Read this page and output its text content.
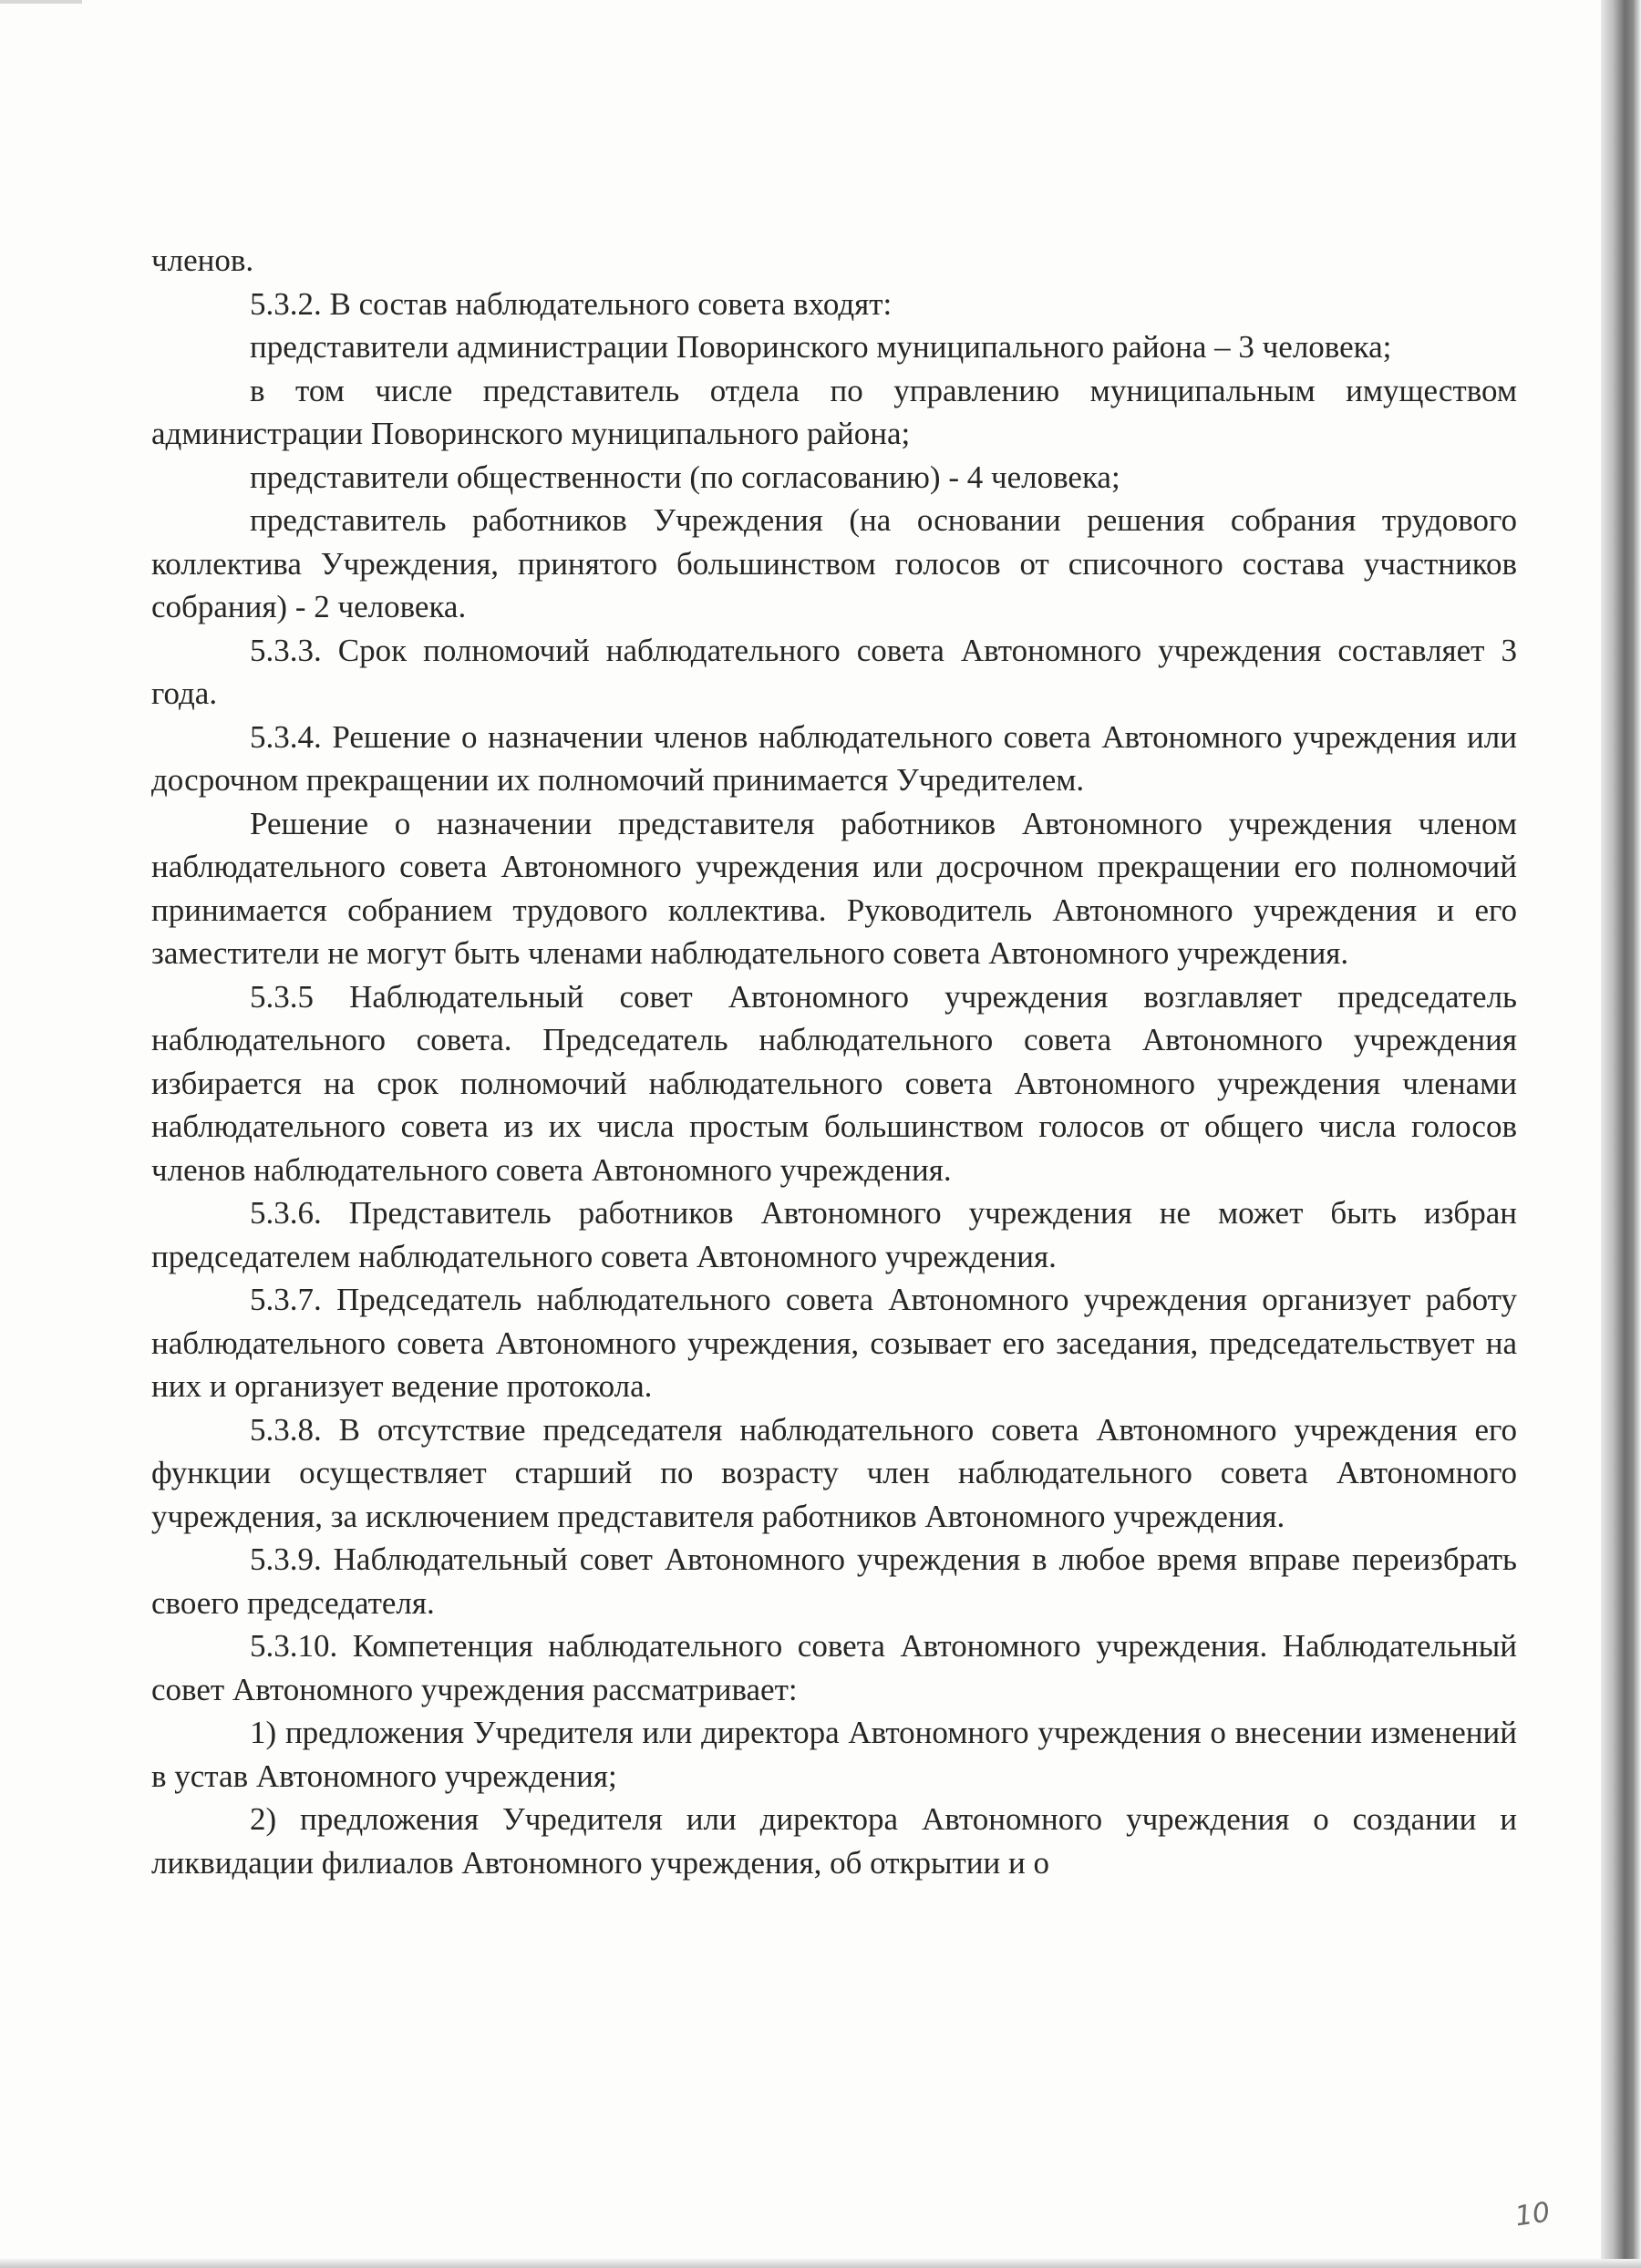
членов.

5.3.2. В состав наблюдательного совета входят:

представители администрации Поворинского муниципального района – 3 человека;

в том числе представитель отдела по управлению муниципальным имуществом администрации Поворинского муниципального района;

представители общественности (по согласованию) - 4 человека;

представитель работников Учреждения (на основании решения собрания трудового коллектива Учреждения, принятого большинством голосов от списочного состава участников собрания) - 2 человека.

5.3.3. Срок полномочий наблюдательного совета Автономного учреждения составляет 3 года.

5.3.4. Решение о назначении членов наблюдательного совета Автономного учреждения или досрочном прекращении их полномочий принимается Учредителем.

Решение о назначении представителя работников Автономного учреждения членом наблюдательного совета Автономного учреждения или досрочном прекращении его полномочий принимается собранием трудового коллектива. Руководитель Автономного учреждения и его заместители не могут быть членами наблюдательного совета Автономного учреждения.

5.3.5 Наблюдательный совет Автономного учреждения возглавляет председатель наблюдательного совета. Председатель наблюдательного совета Автономного учреждения избирается на срок полномочий наблюдательного совета Автономного учреждения членами наблюдательного совета из их числа простым большинством голосов от общего числа голосов членов наблюдательного совета Автономного учреждения.

5.3.6. Представитель работников Автономного учреждения не может быть избран председателем наблюдательного совета Автономного учреждения.

5.3.7. Председатель наблюдательного совета Автономного учреждения организует работу наблюдательного совета Автономного учреждения, созывает его заседания, председательствует на них и организует ведение протокола.

5.3.8. В отсутствие председателя наблюдательного совета Автономного учреждения его функции осуществляет старший по возрасту член наблюдательного совета Автономного учреждения, за исключением представителя работников Автономного учреждения.

5.3.9. Наблюдательный совет Автономного учреждения в любое время вправе переизбрать своего председателя.

5.3.10. Компетенция наблюдательного совета Автономного учреждения. Наблюдательный совет Автономного учреждения рассматривает:

1) предложения Учредителя или директора Автономного учреждения о внесении изменений в устав Автономного учреждения;

2) предложения Учредителя или директора Автономного учреждения о создании и ликвидации филиалов Автономного учреждения, об открытии и о

10
